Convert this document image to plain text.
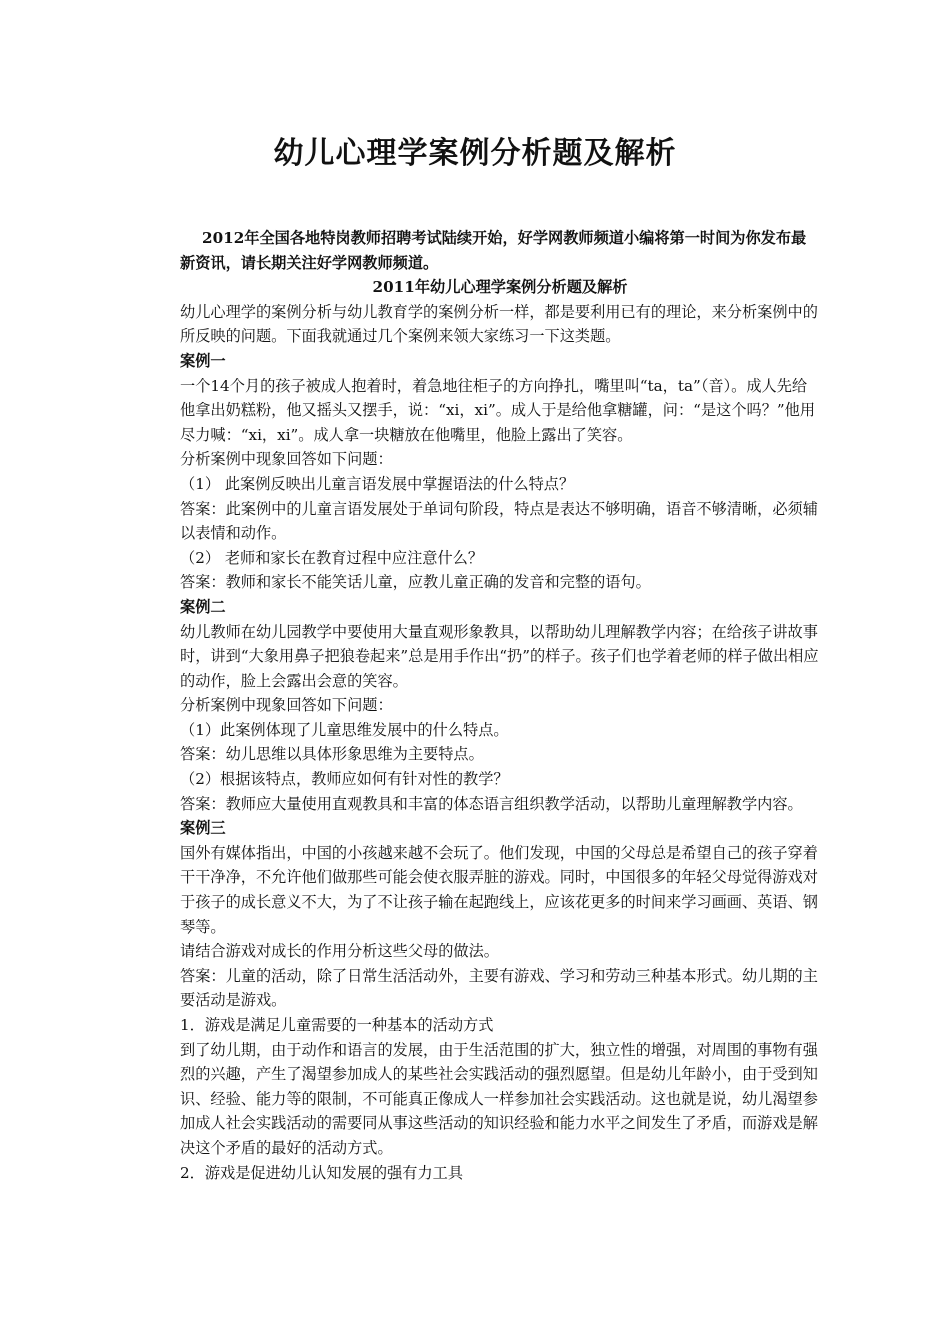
幼儿心理学案例分析题及解析

2012年全国各地特岗教师招聘考试陆续开始，好学网教师频道小编将第一时间为你发布最新资讯，请长期关注好学网教师频道。

2011年幼儿心理学案例分析题及解析

幼儿心理学的案例分析与幼儿教育学的案例分析一样，都是要利用已有的理论，来分析案例中的所反映的问题。下面我就通过几个案例来领大家练习一下这类题。

案例一

一个14个月的孩子被成人抱着时，着急地往柜子的方向挣扎，嘴里叫“ta，ta”（音）。成人先给他拿出奶糕粉，他又摇头又摆手，说：“xi，xi”。成人于是给他拿糖罐，问：“是这个吗？”他用尽力喊：“xi，xi”。成人拿一块糖放在他嘴里，他脸上露出了笑容。

分析案例中现象回答如下问题：

（1） 此案例反映出儿童言语发展中掌握语法的什么特点？

答案：此案例中的儿童言语发展处于单词句阶段，特点是表达不够明确，语音不够清晰，必须辅以表情和动作。

（2） 老师和家长在教育过程中应注意什么？

答案：教师和家长不能笑话儿童，应教儿童正确的发音和完整的语句。

案例二

幼儿教师在幼儿园教学中要使用大量直观形象教具，以帮助幼儿理解教学内容；在给孩子讲故事时，讲到“大象用鼻子把狼卷起来”总是用手作出“扔”的样子。孩子们也学着老师的样子做出相应的动作，脸上会露出会意的笑容。

分析案例中现象回答如下问题：

（1）此案例体现了儿童思维发展中的什么特点。

答案：幼儿思维以具体形象思维为主要特点。

（2）根据该特点，教师应如何有针对性的教学？

答案：教师应大量使用直观教具和丰富的体态语言组织教学活动，以帮助儿童理解教学内容。

案例三

国外有媒体指出，中国的小孩越来越不会玩了。他们发现，中国的父母总是希望自己的孩子穿着干干净净，不允许他们做那些可能会使衣服弄脏的游戏。同时，中国很多的年轻父母觉得游戏对于孩子的成长意义不大，为了不让孩子输在起跑线上，应该花更多的时间来学习画画、英语、钢琴等。

请结合游戏对成长的作用分析这些父母的做法。

答案：儿童的活动，除了日常生活活动外，主要有游戏、学习和劳动三种基本形式。幼儿期的主要活动是游戏。

1．游戏是满足儿童需要的一种基本的活动方式

到了幼儿期，由于动作和语言的发展，由于生活范围的扩大，独立性的增强，对周围的事物有强烈的兴趣，产生了渴望参加成人的某些社会实践活动的强烈愿望。但是幼儿年龄小，由于受到知识、经验、能力等的限制，不可能真正像成人一样参加社会实践活动。这也就是说，幼儿渴望参加成人社会实践活动的需要同从事这些活动的知识经验和能力水平之间发生了矛盾，而游戏是解决这个矛盾的最好的活动方式。

2．游戏是促进幼儿认知发展的强有力工具
